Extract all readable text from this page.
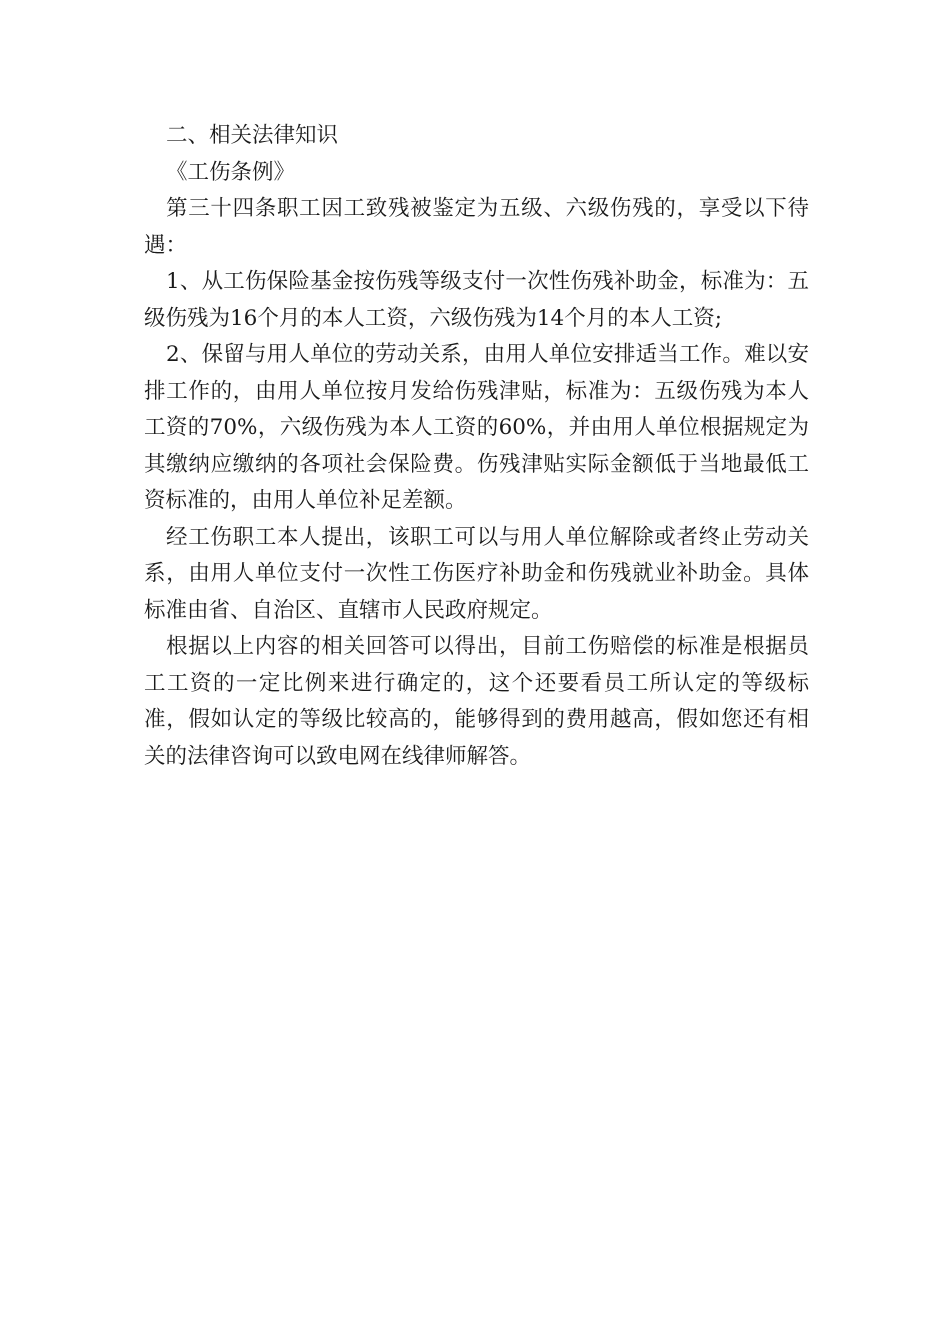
二、相关法律知识

《工伤条例》

第三十四条职工因工致残被鉴定为五级、六级伤残的，享受以下待遇：

1、从工伤保险基金按伤残等级支付一次性伤残补助金，标准为：五级伤残为16个月的本人工资，六级伤残为14个月的本人工资;

2、保留与用人单位的劳动关系，由用人单位安排适当工作。难以安排工作的，由用人单位按月发给伤残津贴，标准为：五级伤残为本人工资的70%，六级伤残为本人工资的60%，并由用人单位根据规定为其缴纳应缴纳的各项社会保险费。伤残津贴实际金额低于当地最低工资标准的，由用人单位补足差额。

经工伤职工本人提出，该职工可以与用人单位解除或者终止劳动关系，由用人单位支付一次性工伤医疗补助金和伤残就业补助金。具体标准由省、自治区、直辖市人民政府规定。

根据以上内容的相关回答可以得出，目前工伤赔偿的标准是根据员工工资的一定比例来进行确定的，这个还要看员工所认定的等级标准，假如认定的等级比较高的，能够得到的费用越高，假如您还有相关的法律咨询可以致电网在线律师解答。
